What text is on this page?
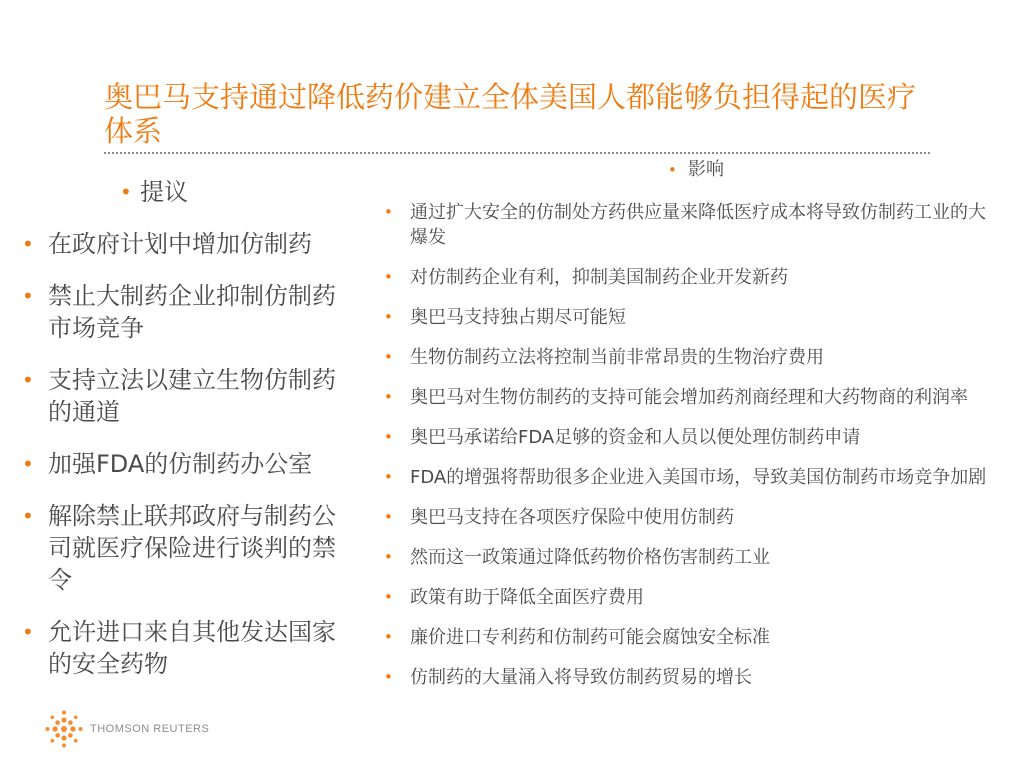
奥巴马支持通过降低药价建立全体美国人都能够负担得起的医疗体系
• 提议
• 在政府计划中增加仿制药
• 禁止大制药企业抑制仿制药市场竞争
• 支持立法以建立生物仿制药的通道
• 加强FDA的仿制药办公室
• 解除禁止联邦政府与制药公司就医疗保险进行谈判的禁令
• 允许进口来自其他发达国家的安全药物
• 影响
• 通过扩大安全的仿制处方药供应量来降低医疗成本将导致仿制药工业的大爆发
• 对仿制药企业有利，抑制美国制药企业开发新药
• 奥巴马支持独占期尽可能短
• 生物仿制药立法将控制当前非常昂贵的生物治疗费用
• 奥巴马对生物仿制药的支持可能会增加药剂商经理和大药物商的利润率
• 奥巴马承诺给FDA足够的资金和人员以便处理仿制药申请
• FDA的增强将帮助很多企业进入美国市场，导致美国仿制药市场竞争加剧
• 奥巴马支持在各项医疗保险中使用仿制药
• 然而这一政策通过降低药物价格伤害制药工业
• 政策有助于降低全面医疗费用
• 廉价进口专利药和仿制药可能会腐蚀安全标准
• 仿制药的大量涌入将导致仿制药贸易的增长
THOMSON REUTERS
